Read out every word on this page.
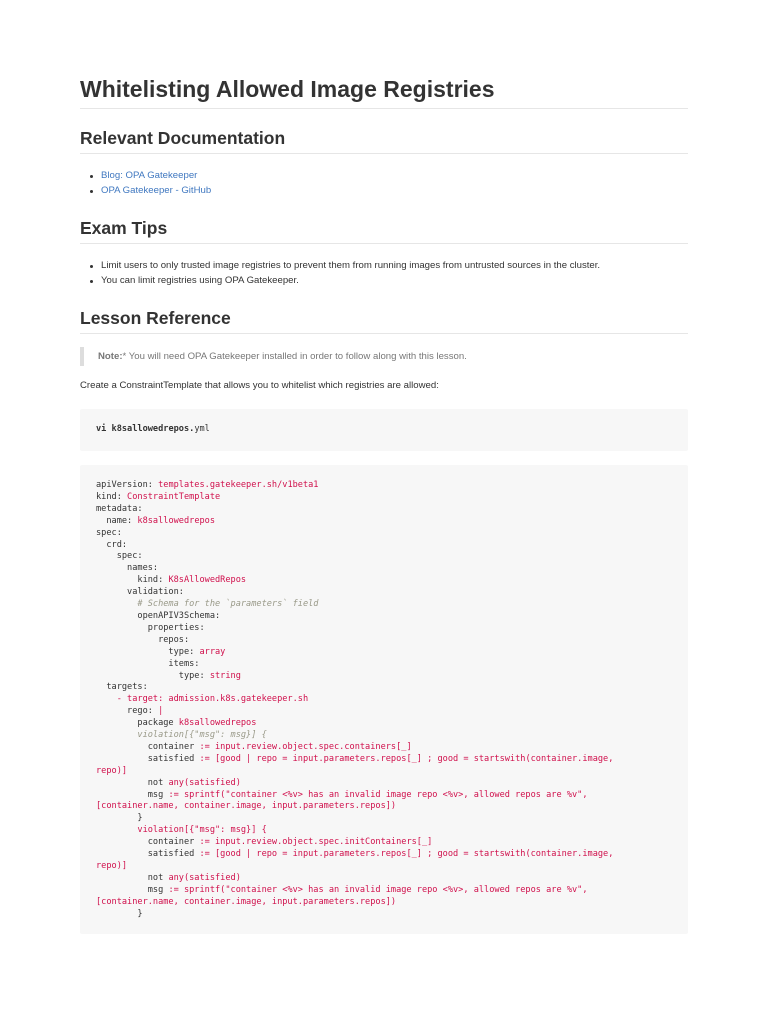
Whitelisting Allowed Image Registries
Relevant Documentation
Blog: OPA Gatekeeper
OPA Gatekeeper - GitHub
Exam Tips
Limit users to only trusted image registries to prevent them from running images from untrusted sources in the cluster.
You can limit registries using OPA Gatekeeper.
Lesson Reference
Note:* You will need OPA Gatekeeper installed in order to follow along with this lesson.
Create a ConstraintTemplate that allows you to whitelist which registries are allowed:
vi k8sallowedrepos.yml
apiVersion: templates.gatekeeper.sh/v1beta1
kind: ConstraintTemplate
metadata:
name: k8sallowedrepos
spec:
crd:
spec:
names:
kind: K8sAllowedRepos
validation:
# Schema for the `parameters` field
openAPIV3Schema:
properties:
repos:
type: array
items:
type: string
targets:
- target: admission.k8s.gatekeeper.sh
rego: |
package k8sallowedrepos
violation[{"msg": msg}] {
container := input.review.object.spec.containers[_]
satisfied := [good | repo = input.parameters.repos[_] ; good = startswith(container.image,
repo)]
not any(satisfied)
msg := sprintf("container <%v> has an invalid image repo <%v>, allowed repos are %v",
[container.name, container.image, input.parameters.repos])
}
violation[{"msg": msg}] {
container := input.review.object.spec.initContainers[_]
satisfied := [good | repo = input.parameters.repos[_] ; good = startswith(container.image,
repo)]
not any(satisfied)
msg := sprintf("container <%v> has an invalid image repo <%v>, allowed repos are %v",
[container.name, container.image, input.parameters.repos])
}
